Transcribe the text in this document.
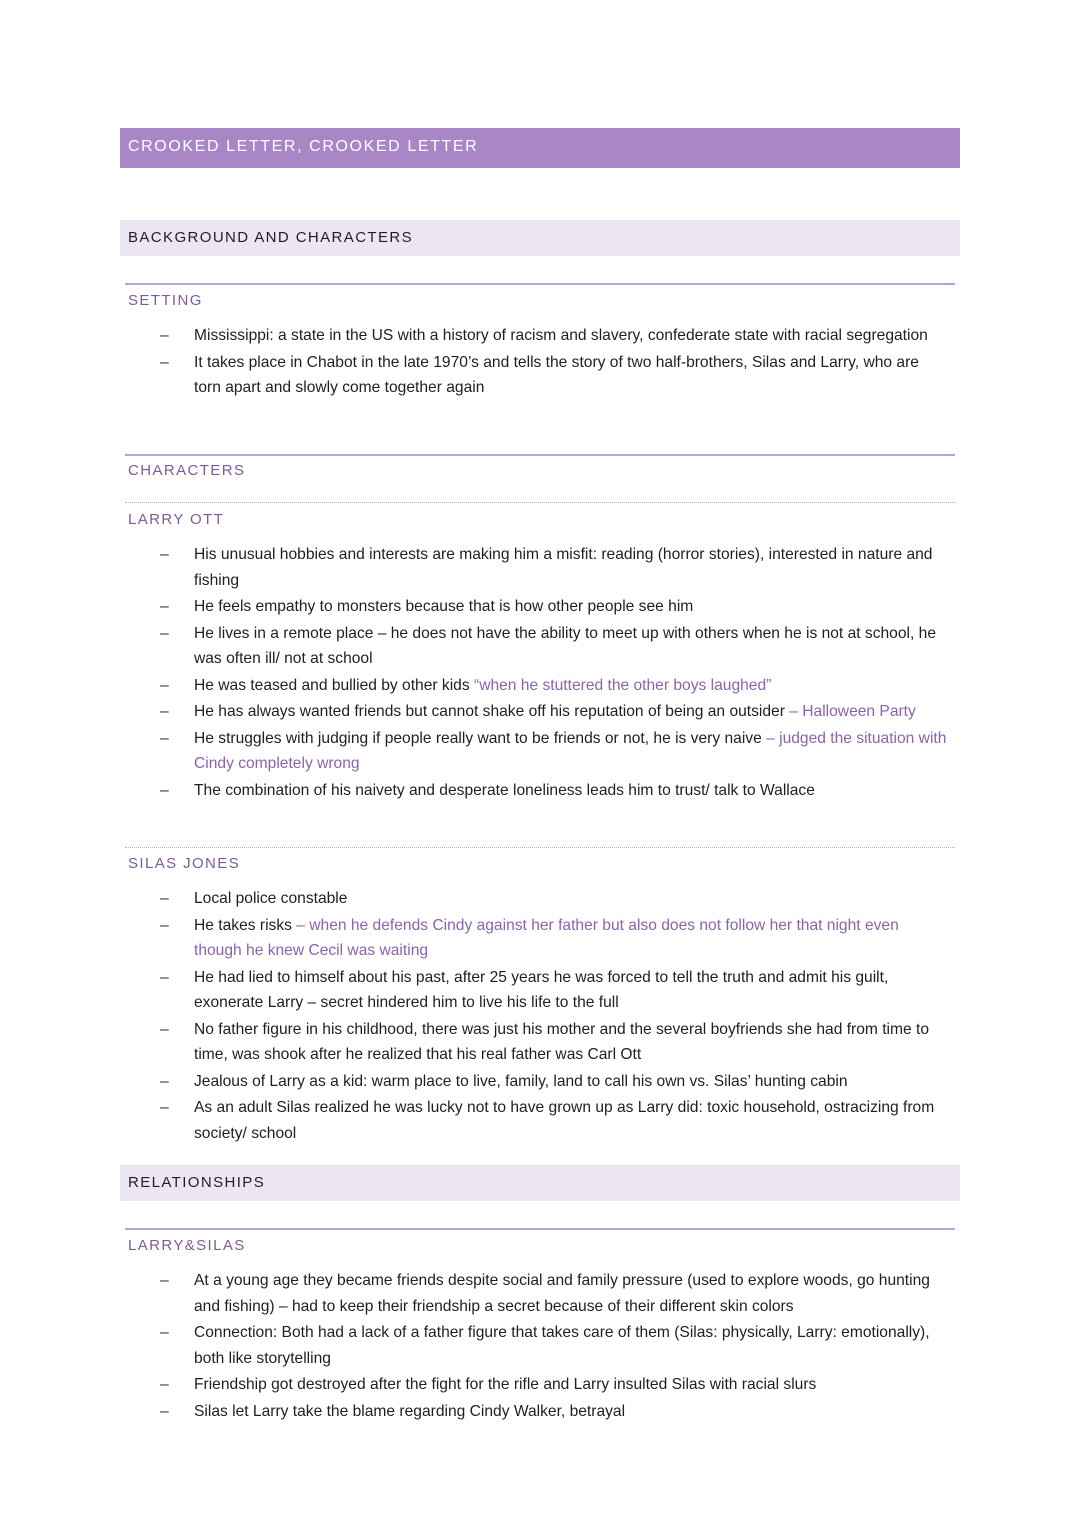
CROOKED LETTER, CROOKED LETTER
BACKGROUND AND CHARACTERS
SETTING
– Mississippi: a state in the US with a history of racism and slavery, confederate state with racial segregation
– It takes place in Chabot in the late 1970’s and tells the story of two half-brothers, Silas and Larry, who are torn apart and slowly come together again
CHARACTERS
LARRY OTT
– His unusual hobbies and interests are making him a misfit: reading (horror stories), interested in nature and fishing
– He feels empathy to monsters because that is how other people see him
– He lives in a remote place – he does not have the ability to meet up with others when he is not at school, he was often ill/ not at school
– He was teased and bullied by other kids “when he stuttered the other boys laughed”
– He has always wanted friends but cannot shake off his reputation of being an outsider – Halloween Party
– He struggles with judging if people really want to be friends or not, he is very naive – judged the situation with Cindy completely wrong
– The combination of his naivety and desperate loneliness leads him to trust/ talk to Wallace
SILAS JONES
– Local police constable
– He takes risks – when he defends Cindy against her father but also does not follow her that night even though he knew Cecil was waiting
– He had lied to himself about his past, after 25 years he was forced to tell the truth and admit his guilt, exonerate Larry – secret hindered him to live his life to the full
– No father figure in his childhood, there was just his mother and the several boyfriends she had from time to time, was shook after he realized that his real father was Carl Ott
– Jealous of Larry as a kid: warm place to live, family, land to call his own vs. Silas’ hunting cabin
– As an adult Silas realized he was lucky not to have grown up as Larry did: toxic household, ostracizing from society/ school
RELATIONSHIPS
LARRY&SILAS
– At a young age they became friends despite social and family pressure (used to explore woods, go hunting and fishing) – had to keep their friendship a secret because of their different skin colors
– Connection: Both had a lack of a father figure that takes care of them (Silas: physically, Larry: emotionally), both like storytelling
– Friendship got destroyed after the fight for the rifle and Larry insulted Silas with racial slurs
– Silas let Larry take the blame regarding Cindy Walker, betrayal
